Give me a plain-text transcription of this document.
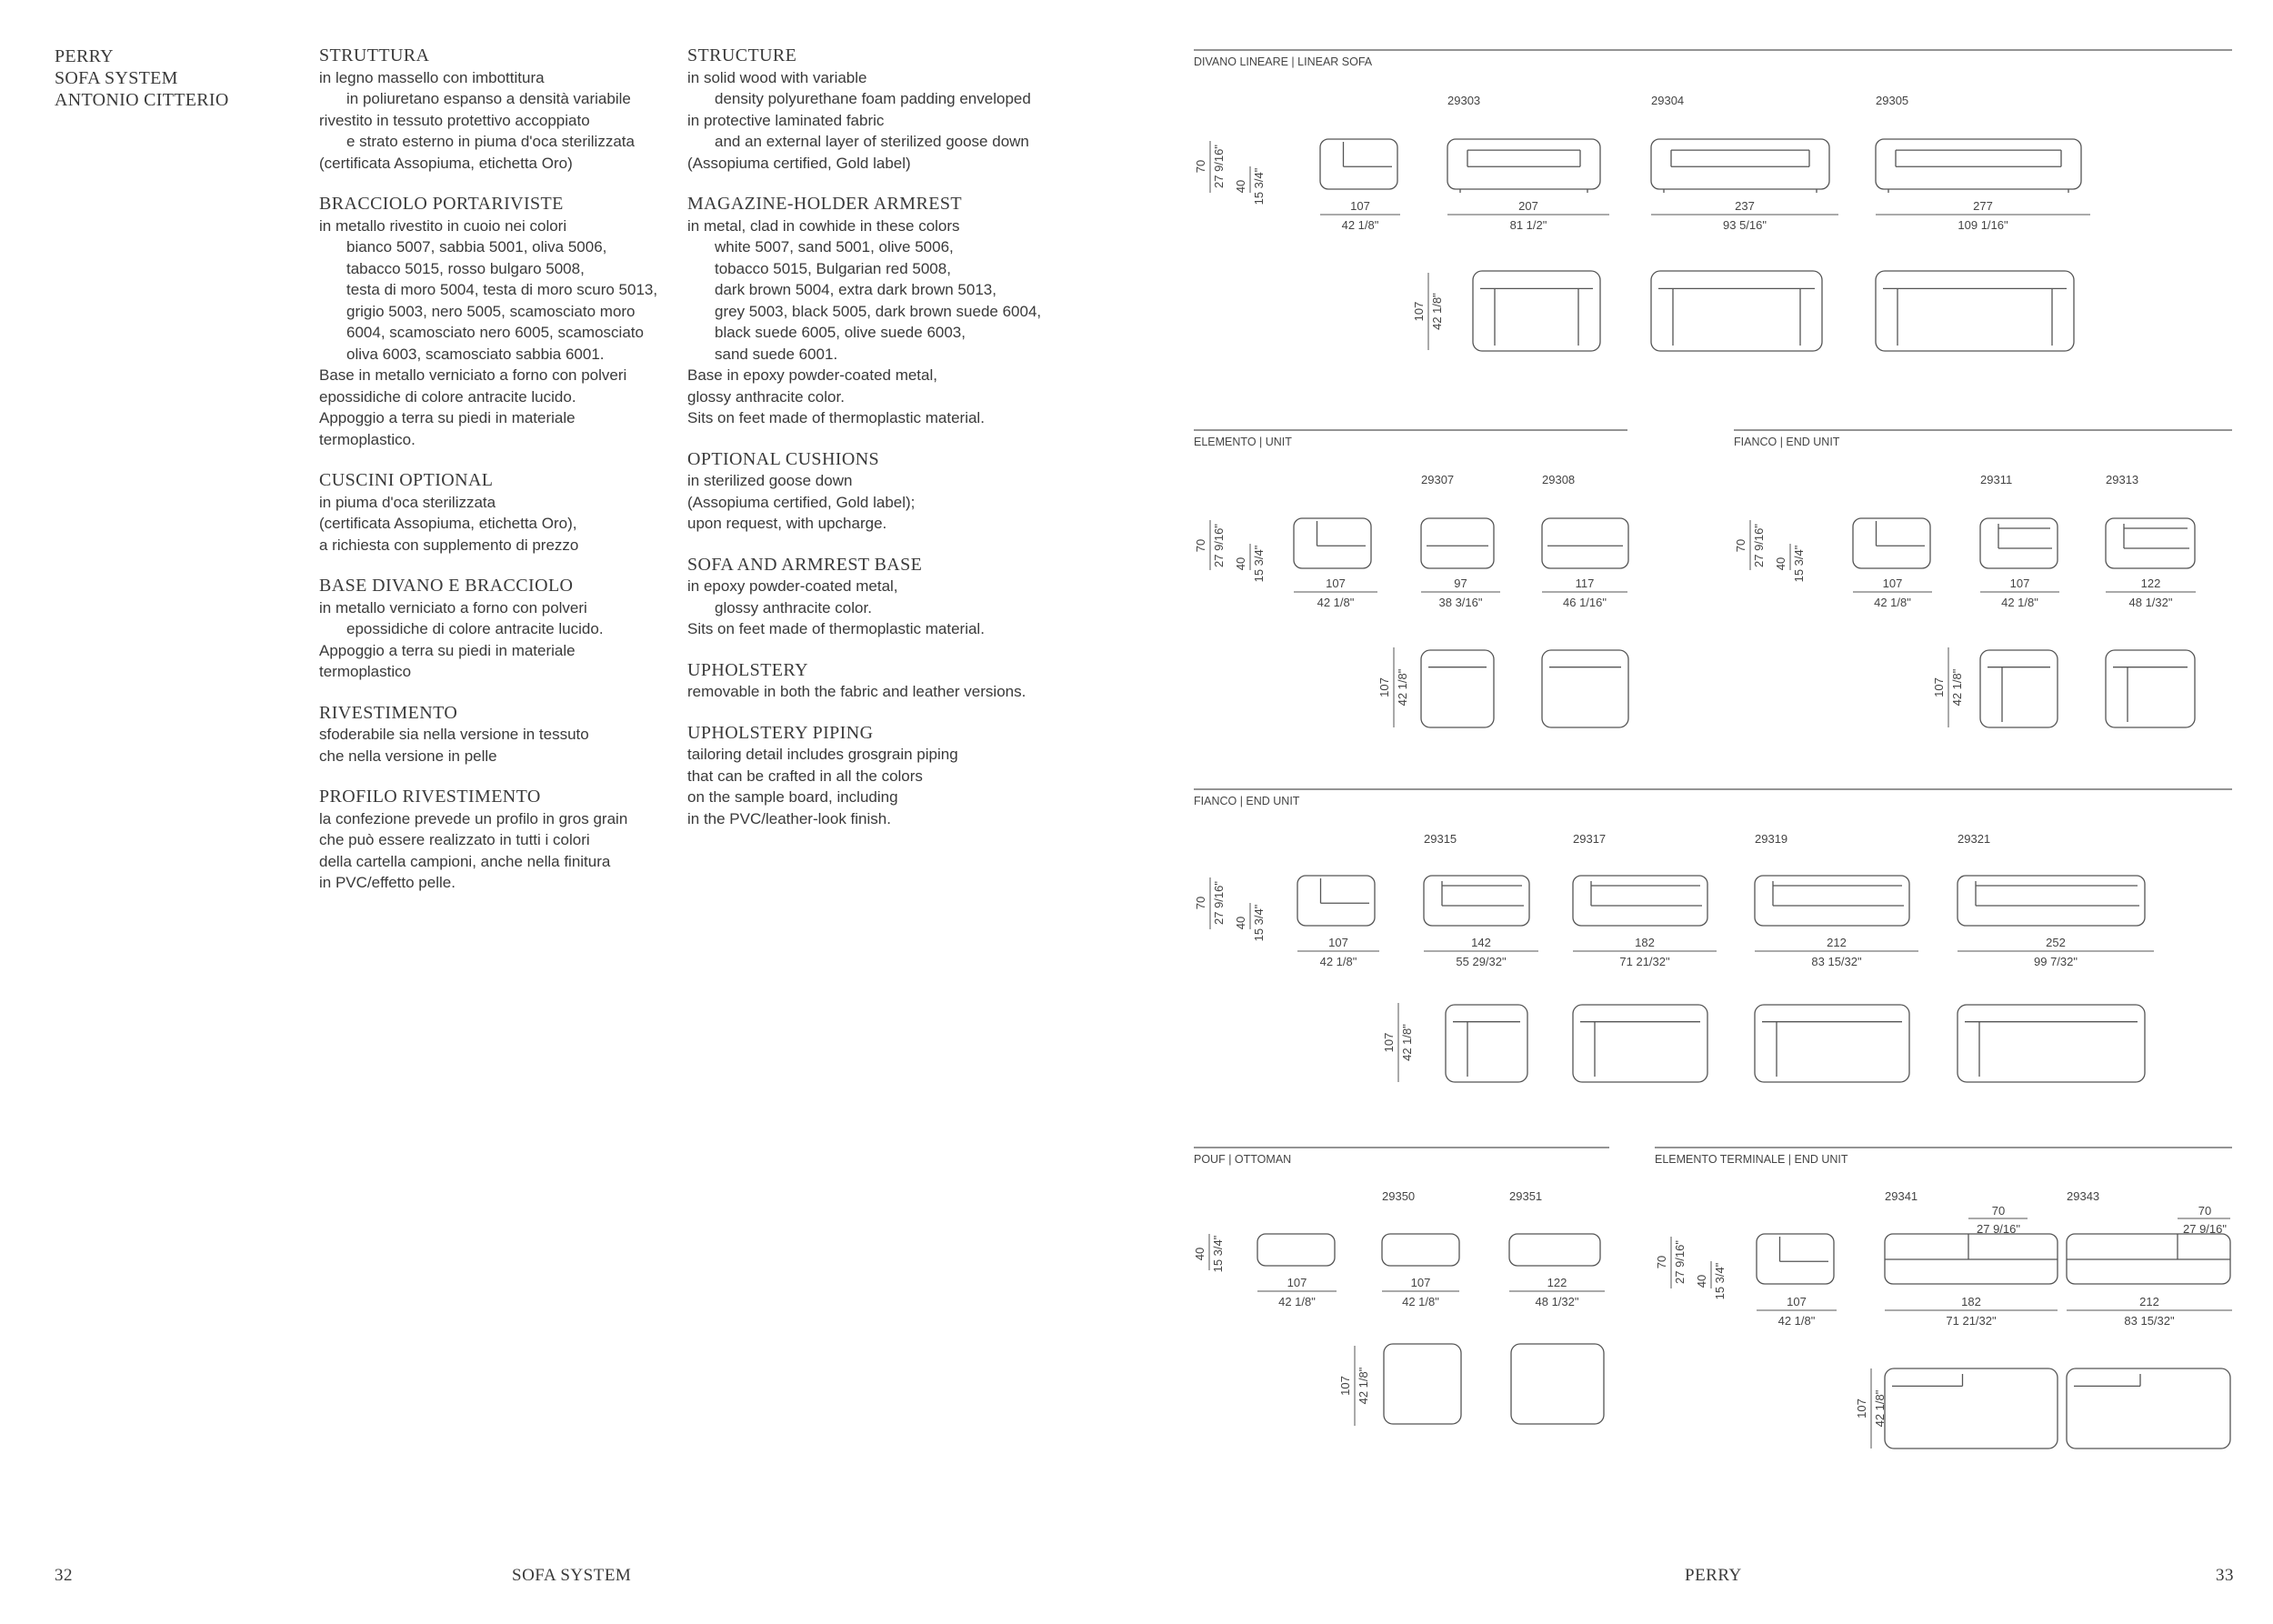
PERRY
SOFA SYSTEM
ANTONIO CITTERIO
STRUTTURA
in legno massello con imbottitura
in poliuretano espanso a densità variabile
rivestito in tessuto protettivo accoppiato
e strato esterno in piuma d'oca sterilizzata
(certificata Assopiuma, etichetta Oro)
BRACCIOLO PORTARIVISTE
in metallo rivestito in cuoio nei colori
bianco 5007, sabbia 5001, oliva 5006,
tabacco 5015, rosso bulgaro 5008,
testa di moro 5004, testa di moro scuro 5013,
grigio 5003, nero 5005, scamosciato moro
6004, scamosciato nero 6005, scamosciato
oliva 6003, scamosciato sabbia 6001.
Base in metallo verniciato a forno con polveri
epossidiche di colore antracite lucido.
Appoggio a terra su piedi in materiale
termoplastico.
CUSCINI OPTIONAL
in piuma d'oca sterilizzata
(certificata Assopiuma, etichetta Oro),
a richiesta con supplemento di prezzo
BASE DIVANO E BRACCIOLO
in metallo verniciato a forno con polveri
epossidiche di colore antracite lucido.
Appoggio a terra su piedi in materiale
termoplastico
RIVESTIMENTO
sfoderabile sia nella versione in tessuto
che nella versione in pelle
PROFILO RIVESTIMENTO
la confezione prevede un profilo in gros grain
che può essere realizzato in tutti i colori
della cartella campioni, anche nella finitura
in PVC/effetto pelle.
STRUCTURE
in solid wood with variable
density polyurethane foam padding enveloped
in protective laminated fabric
and an external layer of sterilized goose down
(Assopiuma certified, Gold label)
MAGAZINE-HOLDER ARMREST
in metal, clad in cowhide in these colors
white 5007, sand 5001, olive 5006,
tobacco 5015, Bulgarian red 5008,
dark brown 5004, extra dark brown 5013,
grey 5003, black 5005, dark brown suede 6004,
black suede 6005, olive suede 6003,
sand suede 6001.
Base in epoxy powder-coated metal,
glossy anthracite color.
Sits on feet made of thermoplastic material.
OPTIONAL CUSHIONS
in sterilized goose down
(Assopiuma certified, Gold label);
upon request, with upcharge.
SOFA AND ARMREST BASE
in epoxy powder-coated metal,
glossy anthracite color.
Sits on feet made of thermoplastic material.
UPHOLSTERY
removable in both the fabric and leather versions.
UPHOLSTERY PIPING
tailoring detail includes grosgrain piping
that can be crafted in all the colors
on the sample board, including
in the PVC/leather-look finish.
32	SOFA SYSTEM	PERRY	33
DIVANO LINEARE | LINEAR SOFA
70 27 9/16" 40 15 3/4"
107
42 1/8"
29303
207
81 1/2"
29304
237
93 5/16"
29305
277
109 1/16"
107 42 1/8"
ELEMENTO | UNIT
70 27 9/16" 40 15 3/4"
107
42 1/8"
29307
97
38 3/16"
29308
117
46 1/16"
107 42 1/8"
FIANCO | END UNIT
70 27 9/16" 40 15 3/4"
107
42 1/8"
29311
107
42 1/8"
29313
122
48 1/32"
107 42 1/8"
FIANCO | END UNIT
70 27 9/16" 40 15 3/4"
107
42 1/8"
29315
142
55 29/32"
29317
182
71 21/32"
29319
212
83 15/32"
29321
252
99 7/32"
107 42 1/8"
POUF | OTTOMAN
40 15 3/4"
107
42 1/8"
29350
107
42 1/8"
29351
122
48 1/32"
107 42 1/8"
ELEMENTO TERMINALE | END UNIT
70 27 9/16" 40 15 3/4"
107
42 1/8"
29341
70
27 9/16"
182
71 21/32"
29343
70
27 9/16"
212
83 15/32"
107 42 1/8"
